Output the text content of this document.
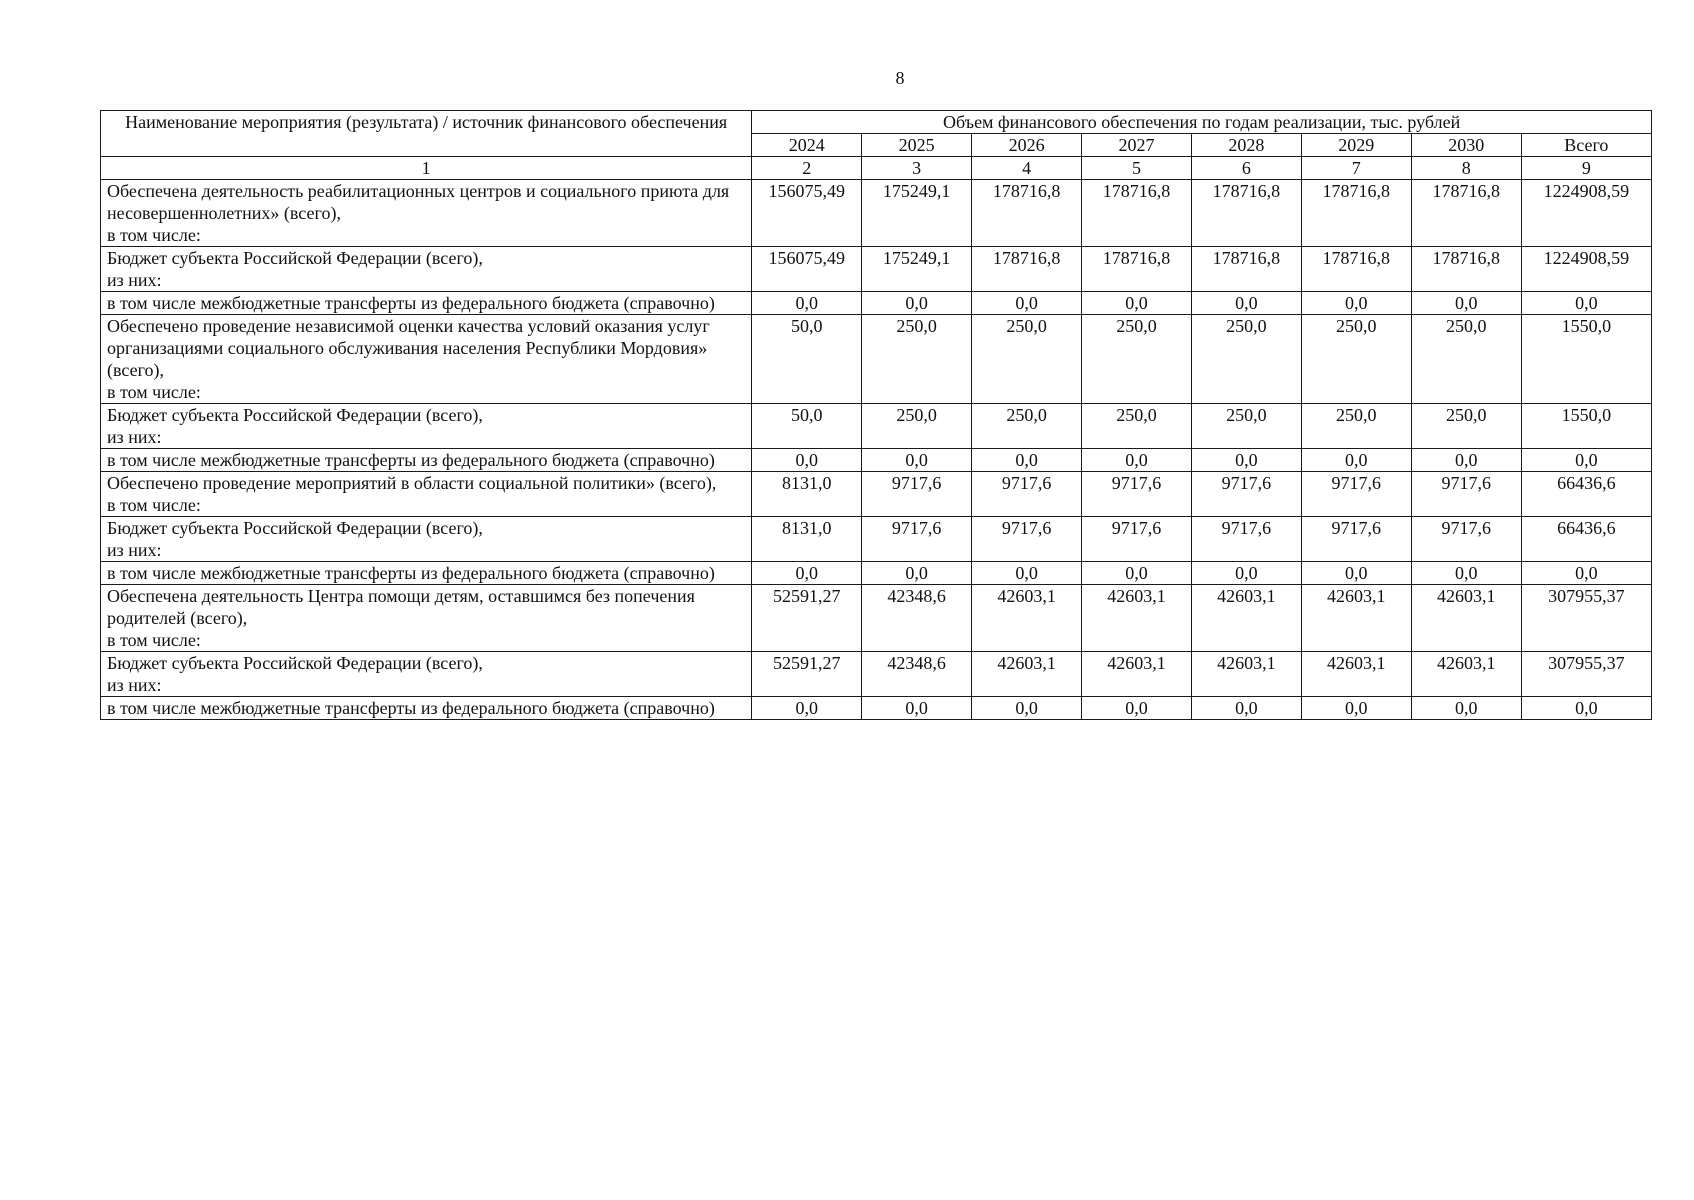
8
Наименование мероприятия (результата) / источник финансового обеспечения	Объем финансового обеспечения по годам реализации, тыс. рублей							
	2024	2025	2026	2027	2028	2029	2030	Всего
1	2	3	4	5	6	7	8	9
Обеспечена деятельность реабилитационных центров и социального приюта для несовершеннолетних» (всего),
в том числе:	156075,49	175249,1	178716,8	178716,8	178716,8	178716,8	178716,8	1224908,59
Бюджет субъекта Российской Федерации (всего),
из них:	156075,49	175249,1	178716,8	178716,8	178716,8	178716,8	178716,8	1224908,59
в том числе межбюджетные трансферты из федерального бюджета (справочно)	0,0	0,0	0,0	0,0	0,0	0,0	0,0	0,0
Обеспечено проведение независимой оценки качества условий оказания услуг организациями социального обслуживания населения Республики Мордовия» (всего),
в том числе:	50,0	250,0	250,0	250,0	250,0	250,0	250,0	1550,0
Бюджет субъекта Российской Федерации (всего),
из них:	50,0	250,0	250,0	250,0	250,0	250,0	250,0	1550,0
в том числе межбюджетные трансферты из федерального бюджета (справочно)	0,0	0,0	0,0	0,0	0,0	0,0	0,0	0,0
Обеспечено проведение мероприятий в области социальной политики» (всего),
в том числе:	8131,0	9717,6	9717,6	9717,6	9717,6	9717,6	9717,6	66436,6
Бюджет субъекта Российской Федерации (всего),
из них:	8131,0	9717,6	9717,6	9717,6	9717,6	9717,6	9717,6	66436,6
в том числе межбюджетные трансферты из федерального бюджета (справочно)	0,0	0,0	0,0	0,0	0,0	0,0	0,0	0,0
Обеспечена деятельность Центра помощи детям, оставшимся без попечения родителей (всего),
в том числе:	52591,27	42348,6	42603,1	42603,1	42603,1	42603,1	42603,1	307955,37
Бюджет субъекта Российской Федерации (всего),
из них:	52591,27	42348,6	42603,1	42603,1	42603,1	42603,1	42603,1	307955,37
в том числе межбюджетные трансферты из федерального бюджета (справочно)	0,0	0,0	0,0	0,0	0,0	0,0	0,0	0,0
